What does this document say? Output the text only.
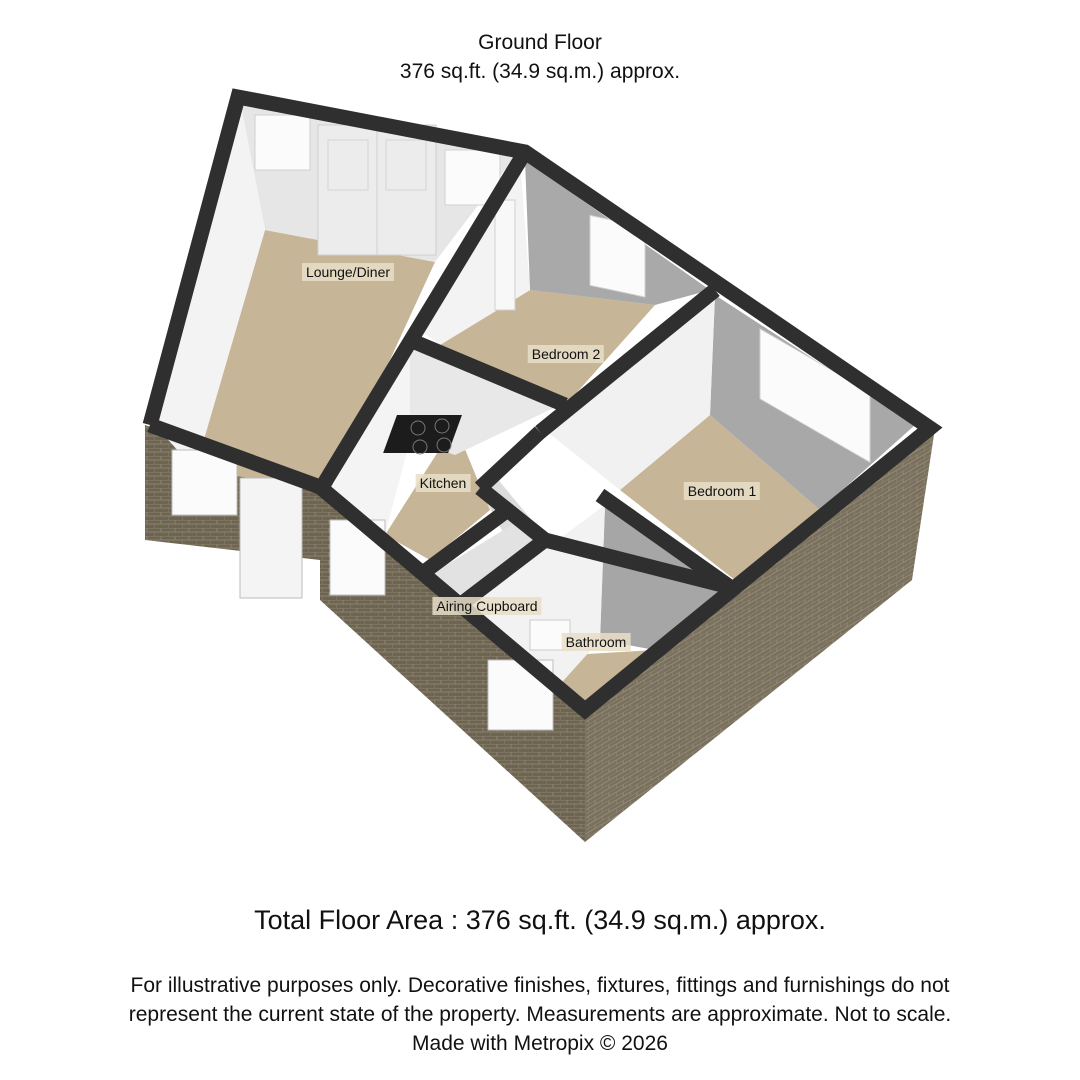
Ground Floor
376 sq.ft. (34.9 sq.m.) approx.
Lounge/Diner
Bedroom 2
Kitchen	Bedroom 1
Airing Cupboard
Bathroom
Total Floor Area : 376 sq.ft. (34.9 sq.m.) approx.
For illustrative purposes only. Decorative finishes, fixtures, fittings and furnishings do not
represent the current state of the property. Measurements are approximate. Not to scale.
Made with Metropix © 2026
